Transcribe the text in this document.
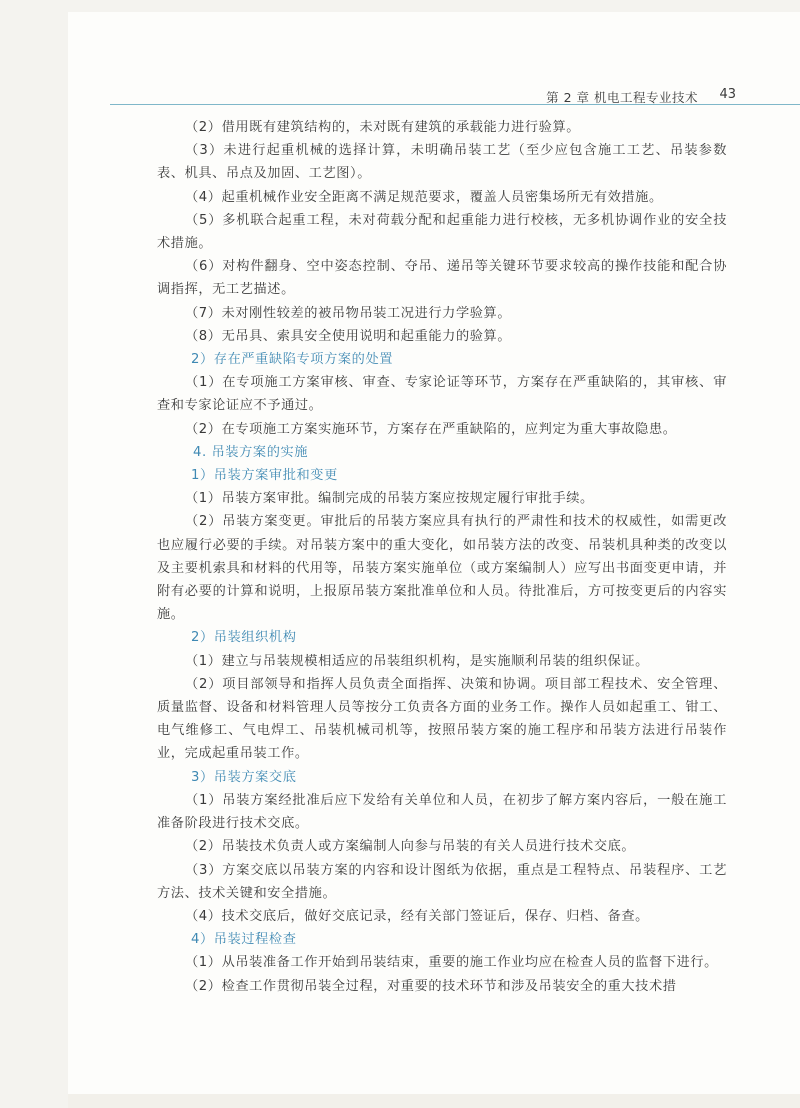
第 2 章 机电工程专业技术 43
（2）借用既有建筑结构的，未对既有建筑的承载能力进行验算。
（3）未进行起重机械的选择计算，未明确吊装工艺（至少应包含施工工艺、吊装参数表、机具、吊点及加固、工艺图）。
（4）起重机械作业安全距离不满足规范要求，覆盖人员密集场所无有效措施。
（5）多机联合起重工程，未对荷载分配和起重能力进行校核，无多机协调作业的安全技术措施。
（6）对构件翻身、空中姿态控制、夺吊、递吊等关键环节要求较高的操作技能和配合协调指挥，无工艺描述。
（7）未对刚性较差的被吊物吊装工况进行力学验算。
（8）无吊具、索具安全使用说明和起重能力的验算。
2）存在严重缺陷专项方案的处置
（1）在专项施工方案审核、审查、专家论证等环节，方案存在严重缺陷的，其审核、审查和专家论证应不予通过。
（2）在专项施工方案实施环节，方案存在严重缺陷的，应判定为重大事故隐患。
4. 吊装方案的实施
1）吊装方案审批和变更
（1）吊装方案审批。编制完成的吊装方案应按规定履行审批手续。
（2）吊装方案变更。审批后的吊装方案应具有执行的严肃性和技术的权威性，如需更改也应履行必要的手续。对吊装方案中的重大变化，如吊装方法的改变、吊装机具种类的改变以及主要机索具和材料的代用等，吊装方案实施单位（或方案编制人）应写出书面变更申请，并附有必要的计算和说明，上报原吊装方案批准单位和人员。待批准后，方可按变更后的内容实施。
2）吊装组织机构
（1）建立与吊装规模相适应的吊装组织机构，是实施顺利吊装的组织保证。
（2）项目部领导和指挥人员负责全面指挥、决策和协调。项目部工程技术、安全管理、质量监督、设备和材料管理人员等按分工负责各方面的业务工作。操作人员如起重工、钳工、电气维修工、气电焊工、吊装机械司机等，按照吊装方案的施工程序和吊装方法进行吊装作业，完成起重吊装工作。
3）吊装方案交底
（1）吊装方案经批准后应下发给有关单位和人员，在初步了解方案内容后，一般在施工准备阶段进行技术交底。
（2）吊装技术负责人或方案编制人向参与吊装的有关人员进行技术交底。
（3）方案交底以吊装方案的内容和设计图纸为依据，重点是工程特点、吊装程序、工艺方法、技术关键和安全措施。
（4）技术交底后，做好交底记录，经有关部门签证后，保存、归档、备查。
4）吊装过程检查
（1）从吊装准备工作开始到吊装结束，重要的施工作业均应在检查人员的监督下进行。
（2）检查工作贯彻吊装全过程，对重要的技术环节和涉及吊装安全的重大技术措
